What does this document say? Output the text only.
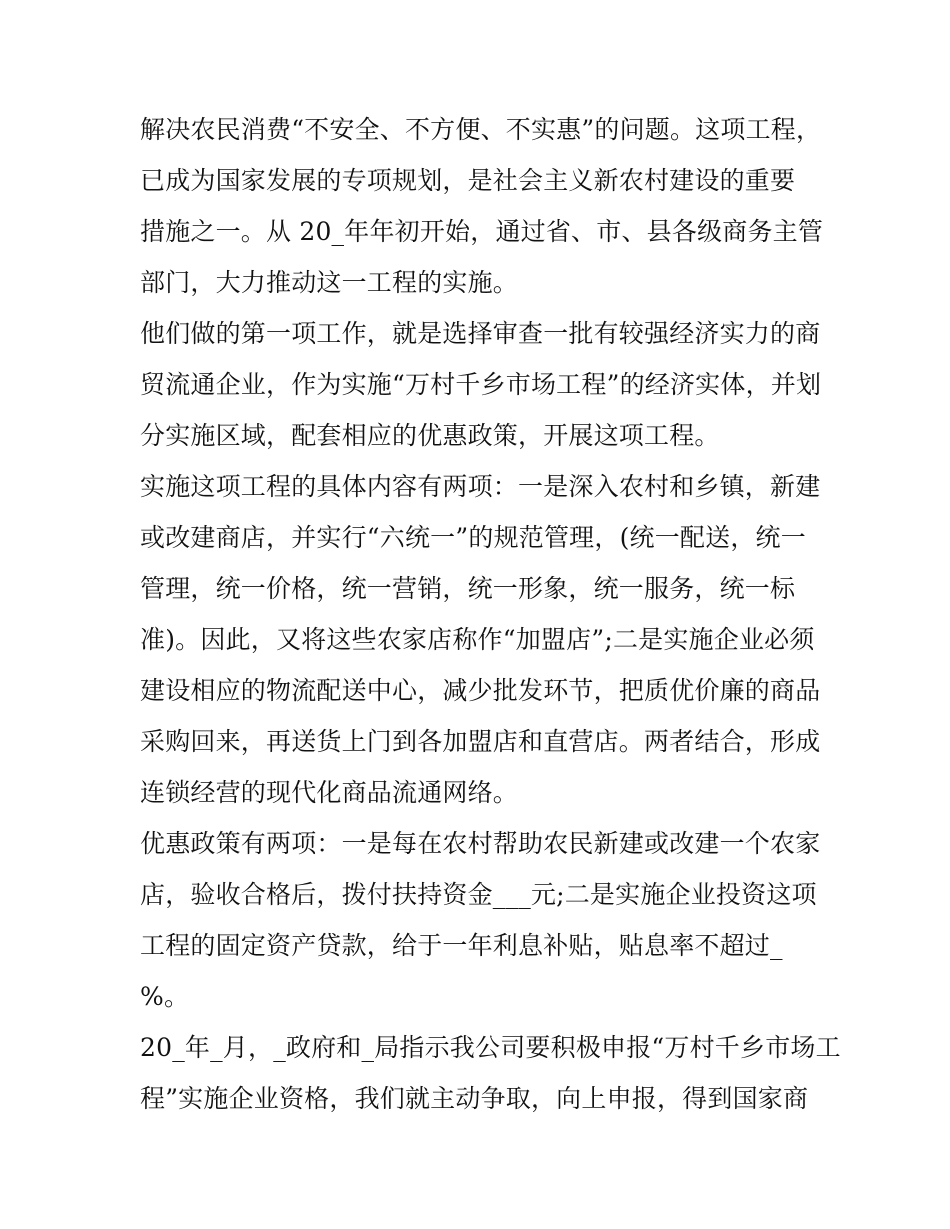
解决农民消费“不安全、不方便、不实惠”的问题。这项工程，
已成为国家发展的专项规划，是社会主义新农村建设的重要
措施之一。从 20_年年初开始，通过省、市、县各级商务主管
部门，大力推动这一工程的实施。
他们做的第一项工作，就是选择审查一批有较强经济实力的商
贸流通企业，作为实施“万村千乡市场工程”的经济实体，并划
分实施区域，配套相应的优惠政策，开展这项工程。
实施这项工程的具体内容有两项：一是深入农村和乡镇，新建
或改建商店，并实行“六统一”的规范管理，(统一配送，统一
管理，统一价格，统一营销，统一形象，统一服务，统一标
准)。因此，又将这些农家店称作“加盟店”;二是实施企业必须
建设相应的物流配送中心，减少批发环节，把质优价廉的商品
采购回来，再送货上门到各加盟店和直营店。两者结合，形成
连锁经营的现代化商品流通网络。
优惠政策有两项：一是每在农村帮助农民新建或改建一个农家
店，验收合格后，拨付扶持资金___元;二是实施企业投资这项
工程的固定资产贷款，给于一年利息补贴，贴息率不超过_
%。
20_年_月，_政府和_局指示我公司要积极申报“万村千乡市场工
程”实施企业资格，我们就主动争取，向上申报，得到国家商
